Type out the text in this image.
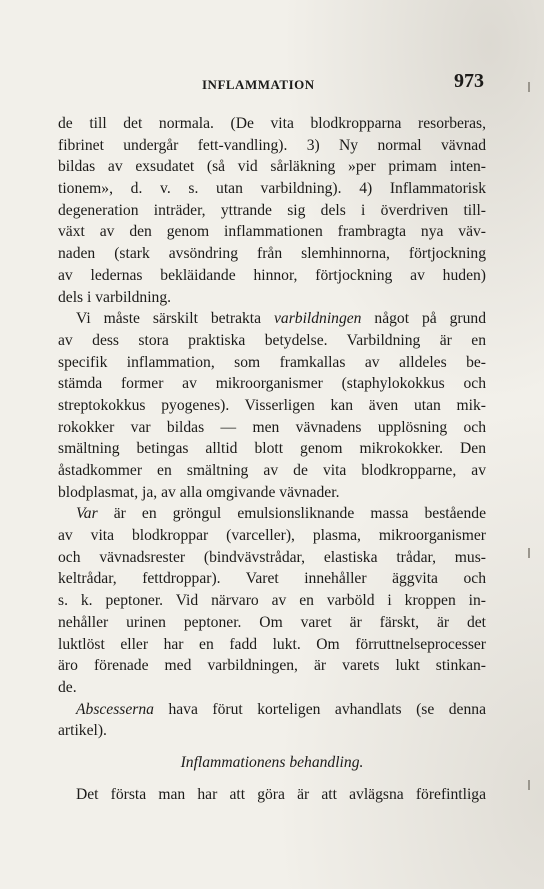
INFLAMMATION	973
de till det normala. (De vita blodkropparna resorberas,
fibrinet undergår fett-vandling). 3) Ny normal vävnad
bildas av exsudatet (så vid sårläkning »per primam inten-
tionem», d. v. s. utan varbildning). 4) Inflammatorisk
degeneration inträder, yttrande sig dels i överdriven till-
växt av den genom inflammationen frambragta nya väv-
naden (stark avsöndring från slemhinnorna, förtjockning
av ledernas bekläidande hinnor, förtjockning av huden)
dels i varbildning.
Vi måste särskilt betrakta varbildningen något på grund
av dess stora praktiska betydelse. Varbildning är en
specifik inflammation, som framkallas av alldeles be-
stämda former av mikroorganismer (staphylokokkus och
streptokokkus pyogenes). Visserligen kan även utan mik-
rokokker var bildas — men vävnadens upplösning och
smältning betingas alltid blott genom mikrokokker. Den
åstadkommer en smältning av de vita blodkropparne, av
blodplasmat, ja, av alla omgivande vävnader.
Var är en gröngul emulsionsliknande massa bestående
av vita blodkroppar (varceller), plasma, mikroorganismer
och vävnadsrester (bindvävstrådar, elastiska trådar, mus-
keltrådar, fettdroppar). Varet innehåller äggvita och
s. k. peptoner. Vid närvaro av en varböld i kroppen in-
nehåller urinen peptoner. Om varet är färskt, är det
luktlöst eller har en fadd lukt. Om förruttnelseprocesser
äro förenade med varbildningen, är varets lukt stinkan-
de.
Abscesserna hava förut korteligen avhandlats (se denna
artikel).
Inflammationens behandling.
Det första man har att göra är att avlägsna förefintliga
